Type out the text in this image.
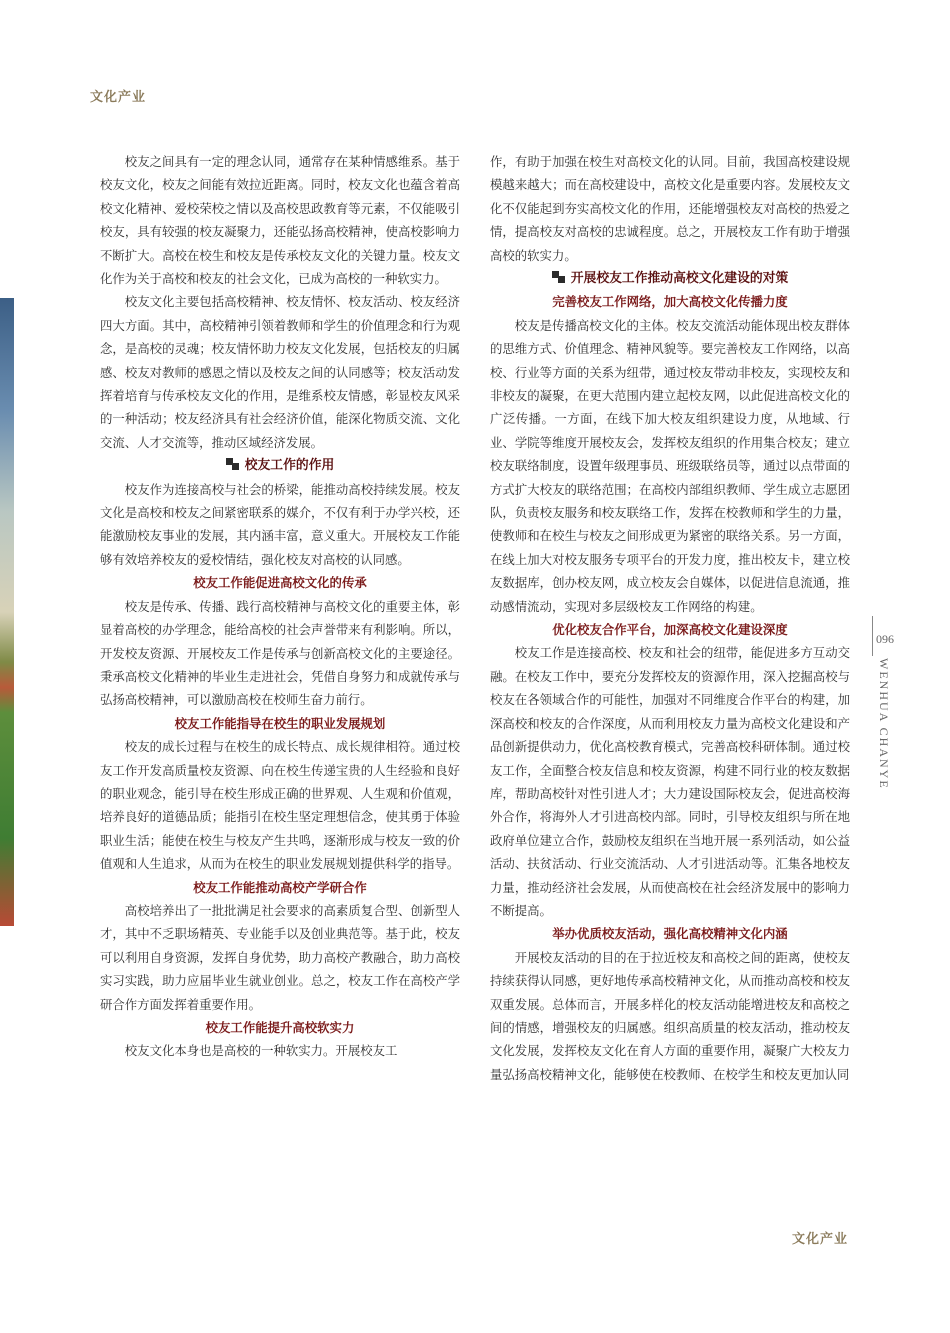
文化产业

校友之间具有一定的理念认同，通常存在某种情感维系。基于校友文化，校友之间能有效拉近距离。同时，校友文化也蕴含着高校文化精神、爱校荣校之情以及高校思政教育等元素，不仅能吸引校友，具有较强的校友凝聚力，还能弘扬高校精神，使高校影响力不断扩大。高校在校生和校友是传承校友文化的关键力量。校友文化作为关于高校和校友的社会文化，已成为高校的一种软实力。

校友文化主要包括高校精神、校友情怀、校友活动、校友经济四大方面。其中，高校精神引领着教师和学生的价值理念和行为观念，是高校的灵魂；校友情怀助力校友文化发展，包括校友的归属感、校友对教师的感恩之情以及校友之间的认同感等；校友活动发挥着培育与传承校友文化的作用，是维系校友情感，彰显校友风采的一种活动；校友经济具有社会经济价值，能深化物质交流、文化交流、人才交流等，推动区域经济发展。

校友工作的作用

校友作为连接高校与社会的桥梁，能推动高校持续发展。校友文化是高校和校友之间紧密联系的媒介，不仅有利于办学兴校，还能激励校友事业的发展，其内涵丰富，意义重大。开展校友工作能够有效培养校友的爱校情结，强化校友对高校的认同感。

校友工作能促进高校文化的传承

校友是传承、传播、践行高校精神与高校文化的重要主体，彰显着高校的办学理念，能给高校的社会声誉带来有利影响。所以，开发校友资源、开展校友工作是传承与创新高校文化的主要途径。秉承高校文化精神的毕业生走进社会，凭借自身努力和成就传承与弘扬高校精神，可以激励高校在校师生奋力前行。

校友工作能指导在校生的职业发展规划

校友的成长过程与在校生的成长特点、成长规律相符。通过校友工作开发高质量校友资源、向在校生传递宝贵的人生经验和良好的职业观念，能引导在校生形成正确的世界观、人生观和价值观，培养良好的道德品质；能指引在校生坚定理想信念，使其勇于体验职业生活；能使在校生与校友产生共鸣，逐渐形成与校友一致的价值观和人生追求，从而为在校生的职业发展规划提供科学的指导。

校友工作能推动高校产学研合作

高校培养出了一批批满足社会要求的高素质复合型、创新型人才，其中不乏职场精英、专业能手以及创业典范等。基于此，校友可以利用自身资源，发挥自身优势，助力高校产教融合，助力高校实习实践，助力应届毕业生就业创业。总之，校友工作在高校产学研合作方面发挥着重要作用。

校友工作能提升高校软实力

校友文化本身也是高校的一种软实力。开展校友工

作，有助于加强在校生对高校文化的认同。目前，我国高校建设规模越来越大；而在高校建设中，高校文化是重要内容。发展校友文化不仅能起到夯实高校文化的作用，还能增强校友对高校的热爱之情，提高校友对高校的忠诚程度。总之，开展校友工作有助于增强高校的软实力。

开展校友工作推动高校文化建设的对策
完善校友工作网络，加大高校文化传播力度

校友是传播高校文化的主体。校友交流活动能体现出校友群体的思维方式、价值理念、精神风貌等。要完善校友工作网络，以高校、行业等方面的关系为纽带，通过校友带动非校友，实现校友和非校友的凝聚，在更大范围内建立起校友网，以此促进高校文化的广泛传播。一方面，在线下加大校友组织建设力度，从地域、行业、学院等维度开展校友会，发挥校友组织的作用集合校友；建立校友联络制度，设置年级理事员、班级联络员等，通过以点带面的方式扩大校友的联络范围；在高校内部组织教师、学生成立志愿团队，负责校友服务和校友联络工作，发挥在校教师和学生的力量，使教师和在校生与校友之间形成更为紧密的联络关系。另一方面，在线上加大对校友服务专项平台的开发力度，推出校友卡，建立校友数据库，创办校友网，成立校友会自媒体，以促进信息流通，推动感情流动，实现对多层级校友工作网络的构建。

优化校友合作平台，加深高校文化建设深度

校友工作是连接高校、校友和社会的纽带，能促进多方互动交融。在校友工作中，要充分发挥校友的资源作用，深入挖掘高校与校友在各领域合作的可能性，加强对不同维度合作平台的构建，加深高校和校友的合作深度，从而利用校友力量为高校文化建设和产品创新提供动力，优化高校教育模式，完善高校科研体制。通过校友工作，全面整合校友信息和校友资源，构建不同行业的校友数据库，帮助高校针对性引进人才；大力建设国际校友会，促进高校海外合作，将海外人才引进高校内部。同时，引导校友组织与所在地政府单位建立合作，鼓励校友组织在当地开展一系列活动，如公益活动、扶贫活动、行业交流活动、人才引进活动等。汇集各地校友力量，推动经济社会发展，从而使高校在社会经济发展中的影响力不断提高。

举办优质校友活动，强化高校精神文化内涵

开展校友活动的目的在于拉近校友和高校之间的距离，使校友持续获得认同感，更好地传承高校精神文化，从而推动高校和校友双重发展。总体而言，开展多样化的校友活动能增进校友和高校之间的情感，增强校友的归属感。组织高质量的校友活动，推动校友文化发展，发挥校友文化在育人方面的重要作用，凝聚广大校友力量弘扬高校精神文化，能够使在校教师、在校学生和校友更加认同

096
WENHUA CHANYE
文化产业
